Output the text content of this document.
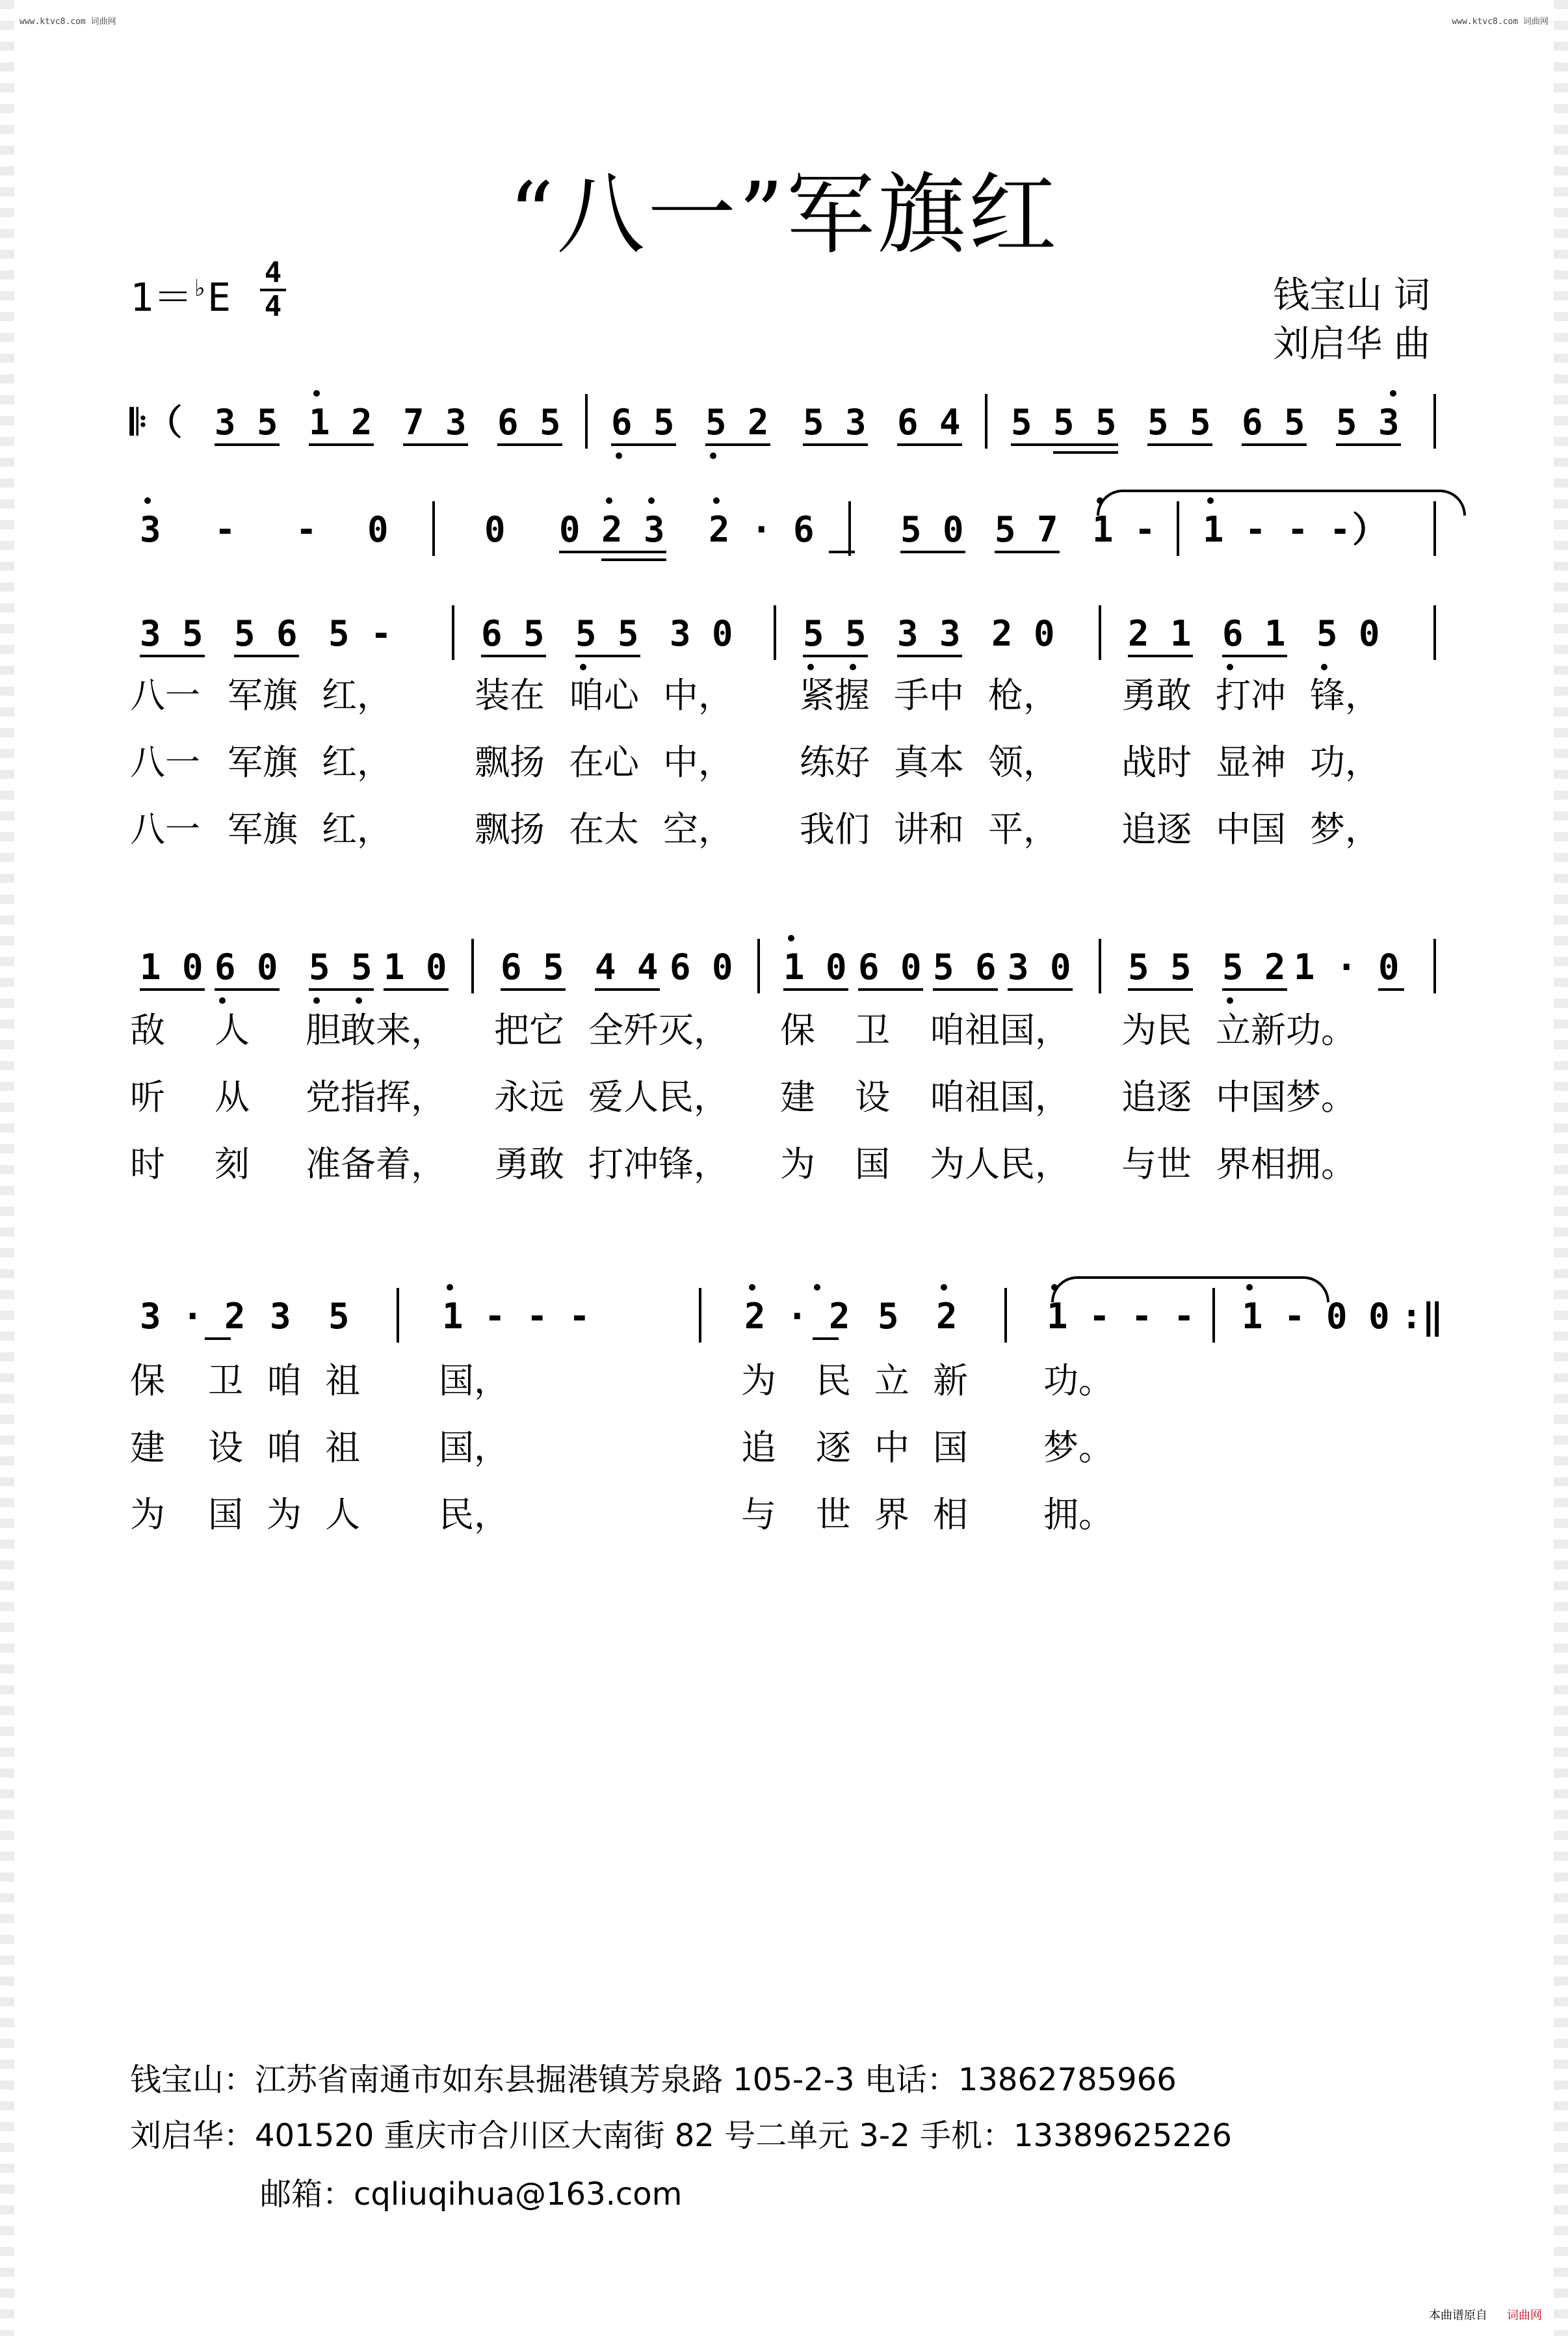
www.ktvc8.com 词曲网	www.ktvc8.com 词曲网
“八一”军旗红
1＝♭E
4
4	钱宝山 词
刘启华 曲
𝄆（ 3 5 1 2 7 3 6 5 6 5 5 2 5 3 6 4 5 5 5 5 5 6 5 5 3
3 - - 0	0 0 2 3 2 · 6 5 0 5 7 1 - 1 - - - ）
3 5 5 6 5 -	6 5 5 5 3 0 5 5 3 3 2 0 2 1 6 1 5 0
八一 军旗 红， 装在 咱心 中， 紧握 手中 枪， 勇敢 打冲 锋，
八一 军旗 红， 飘扬 在心 中， 练好 真本 领， 战时 显神 功，
八一 军旗 红， 飘扬 在太 空， 我们 讲和 平， 追逐 中国 梦，
1 0 6 0 5 5 1 0 6 5 4 4 6 0 1 0 6 0 5 6 3 0 5 5 5 2 1 · 0
敌 人 胆敢来， 把它 全歼灭， 保 卫 咱祖国， 为民 立新功。
听 从 党指挥， 永远 爱人民， 建 设 咱祖国， 追逐 中国梦。
时 刻 准备着， 勇敢 打冲锋， 为 国 为人民， 与世 界相拥。
3 · 2 3 5	1 - - -	2 · 2 5 2	1 - - - 1 - 0 0 :‖
保 卫 咱 祖 国，	为 民 立 新 功。
建 设 咱 祖 国，	追 逐 中 国 梦。
为 国 为 人 民，	与 世 界 相 拥。
钱宝山：江苏省南通市如东县掘港镇芳泉路 105-2-3 电话：13862785966
刘启华：401520 重庆市合川区大南街 82 号二单元 3-2 手机：13389625226
邮箱：cqliuqihua@163.com
本曲谱原自 词曲网
